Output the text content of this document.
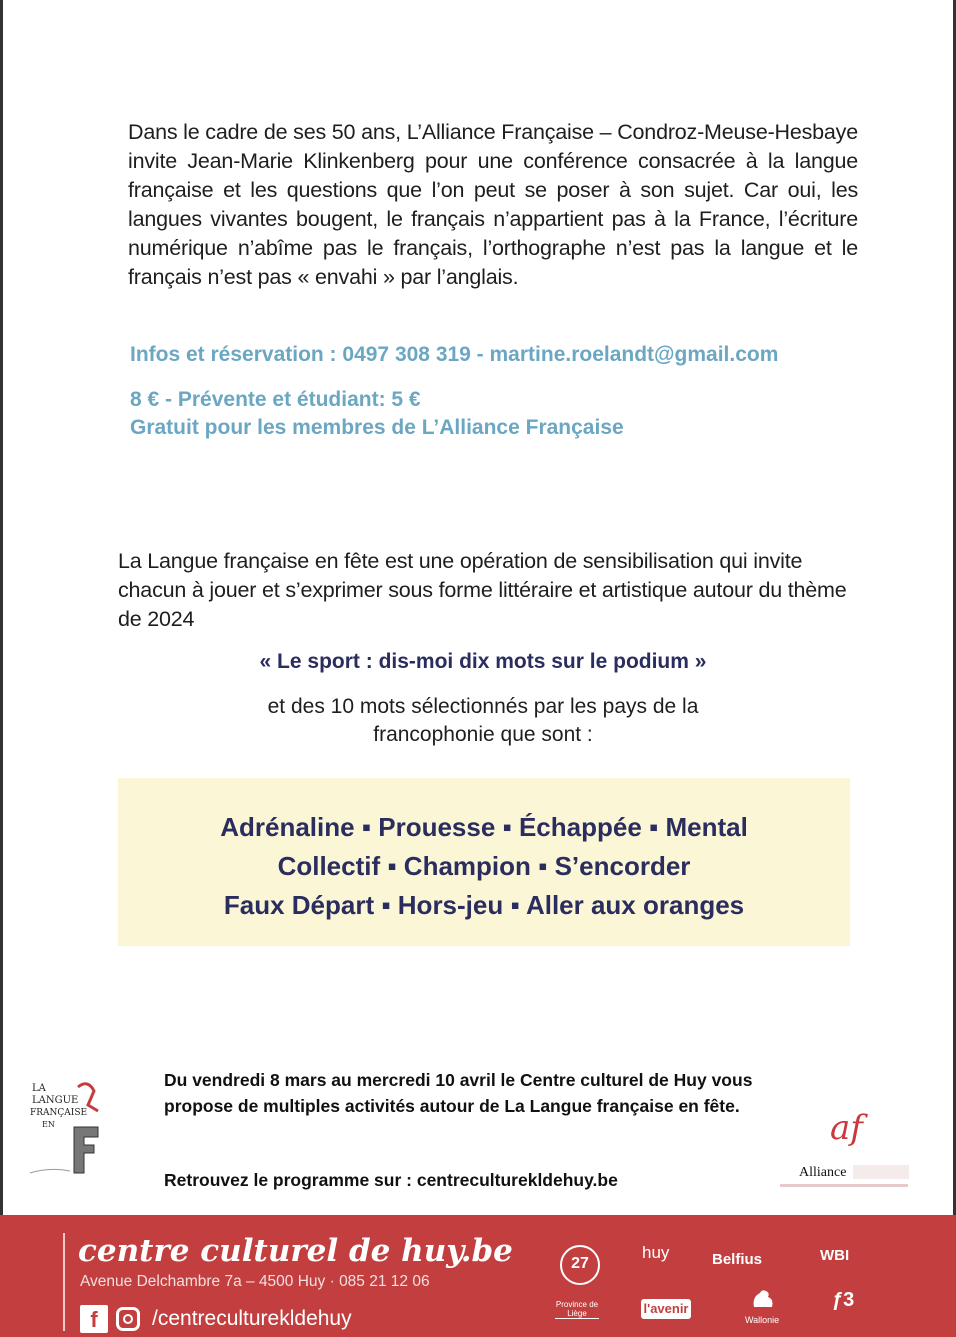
Dans le cadre de ses 50 ans, L’Alliance Française – Condroz-Meuse-Hesbaye invite Jean-Marie Klinkenberg pour une conférence consacrée à la langue française et les questions que l’on peut se poser à son sujet. Car oui, les langues vivantes bougent, le français n’appartient pas à la France, l’écriture numérique n’abîme pas le français, l’orthographe n’est pas la langue et le français n’est pas « envahi » par l’anglais.

Infos et réservation : 0497 308 319 - martine.roelandt@gmail.com

8 € - Prévente et étudiant: 5 €
Gratuit pour les membres de L’Alliance Française

La Langue française en fête est une opération de sensibilisation qui invite chacun à jouer et s’exprimer sous forme littéraire et artistique autour du thème de 2024

« Le sport : dis-moi dix mots sur le podium »

et des 10 mots sélectionnés par les pays de la
francophonie que sont :
Adrénaline ▪ Prouesse ▪ Échappée ▪ Mental
Collectif ▪ Champion ▪ S’encorder
Faux Départ ▪ Hors-jeu ▪ Aller aux oranges
LA
LANGUE
FRANÇAISE
EN

Du vendredi 8 mars au mercredi 10 avril le Centre culturel de Huy vous propose de multiples activités autour de La Langue française en fête.

Retrouvez le programme sur : centreculturekldehuy.be

af
Alliance

centre culturel de huy.be

Avenue Delchambre 7a – 4500 Huy · 085 21 12 06

f	/centreculturekldehuy
27
huy	Belfius	WBI
Province de Liège	l'avenir
Wallonie
ƒ3
